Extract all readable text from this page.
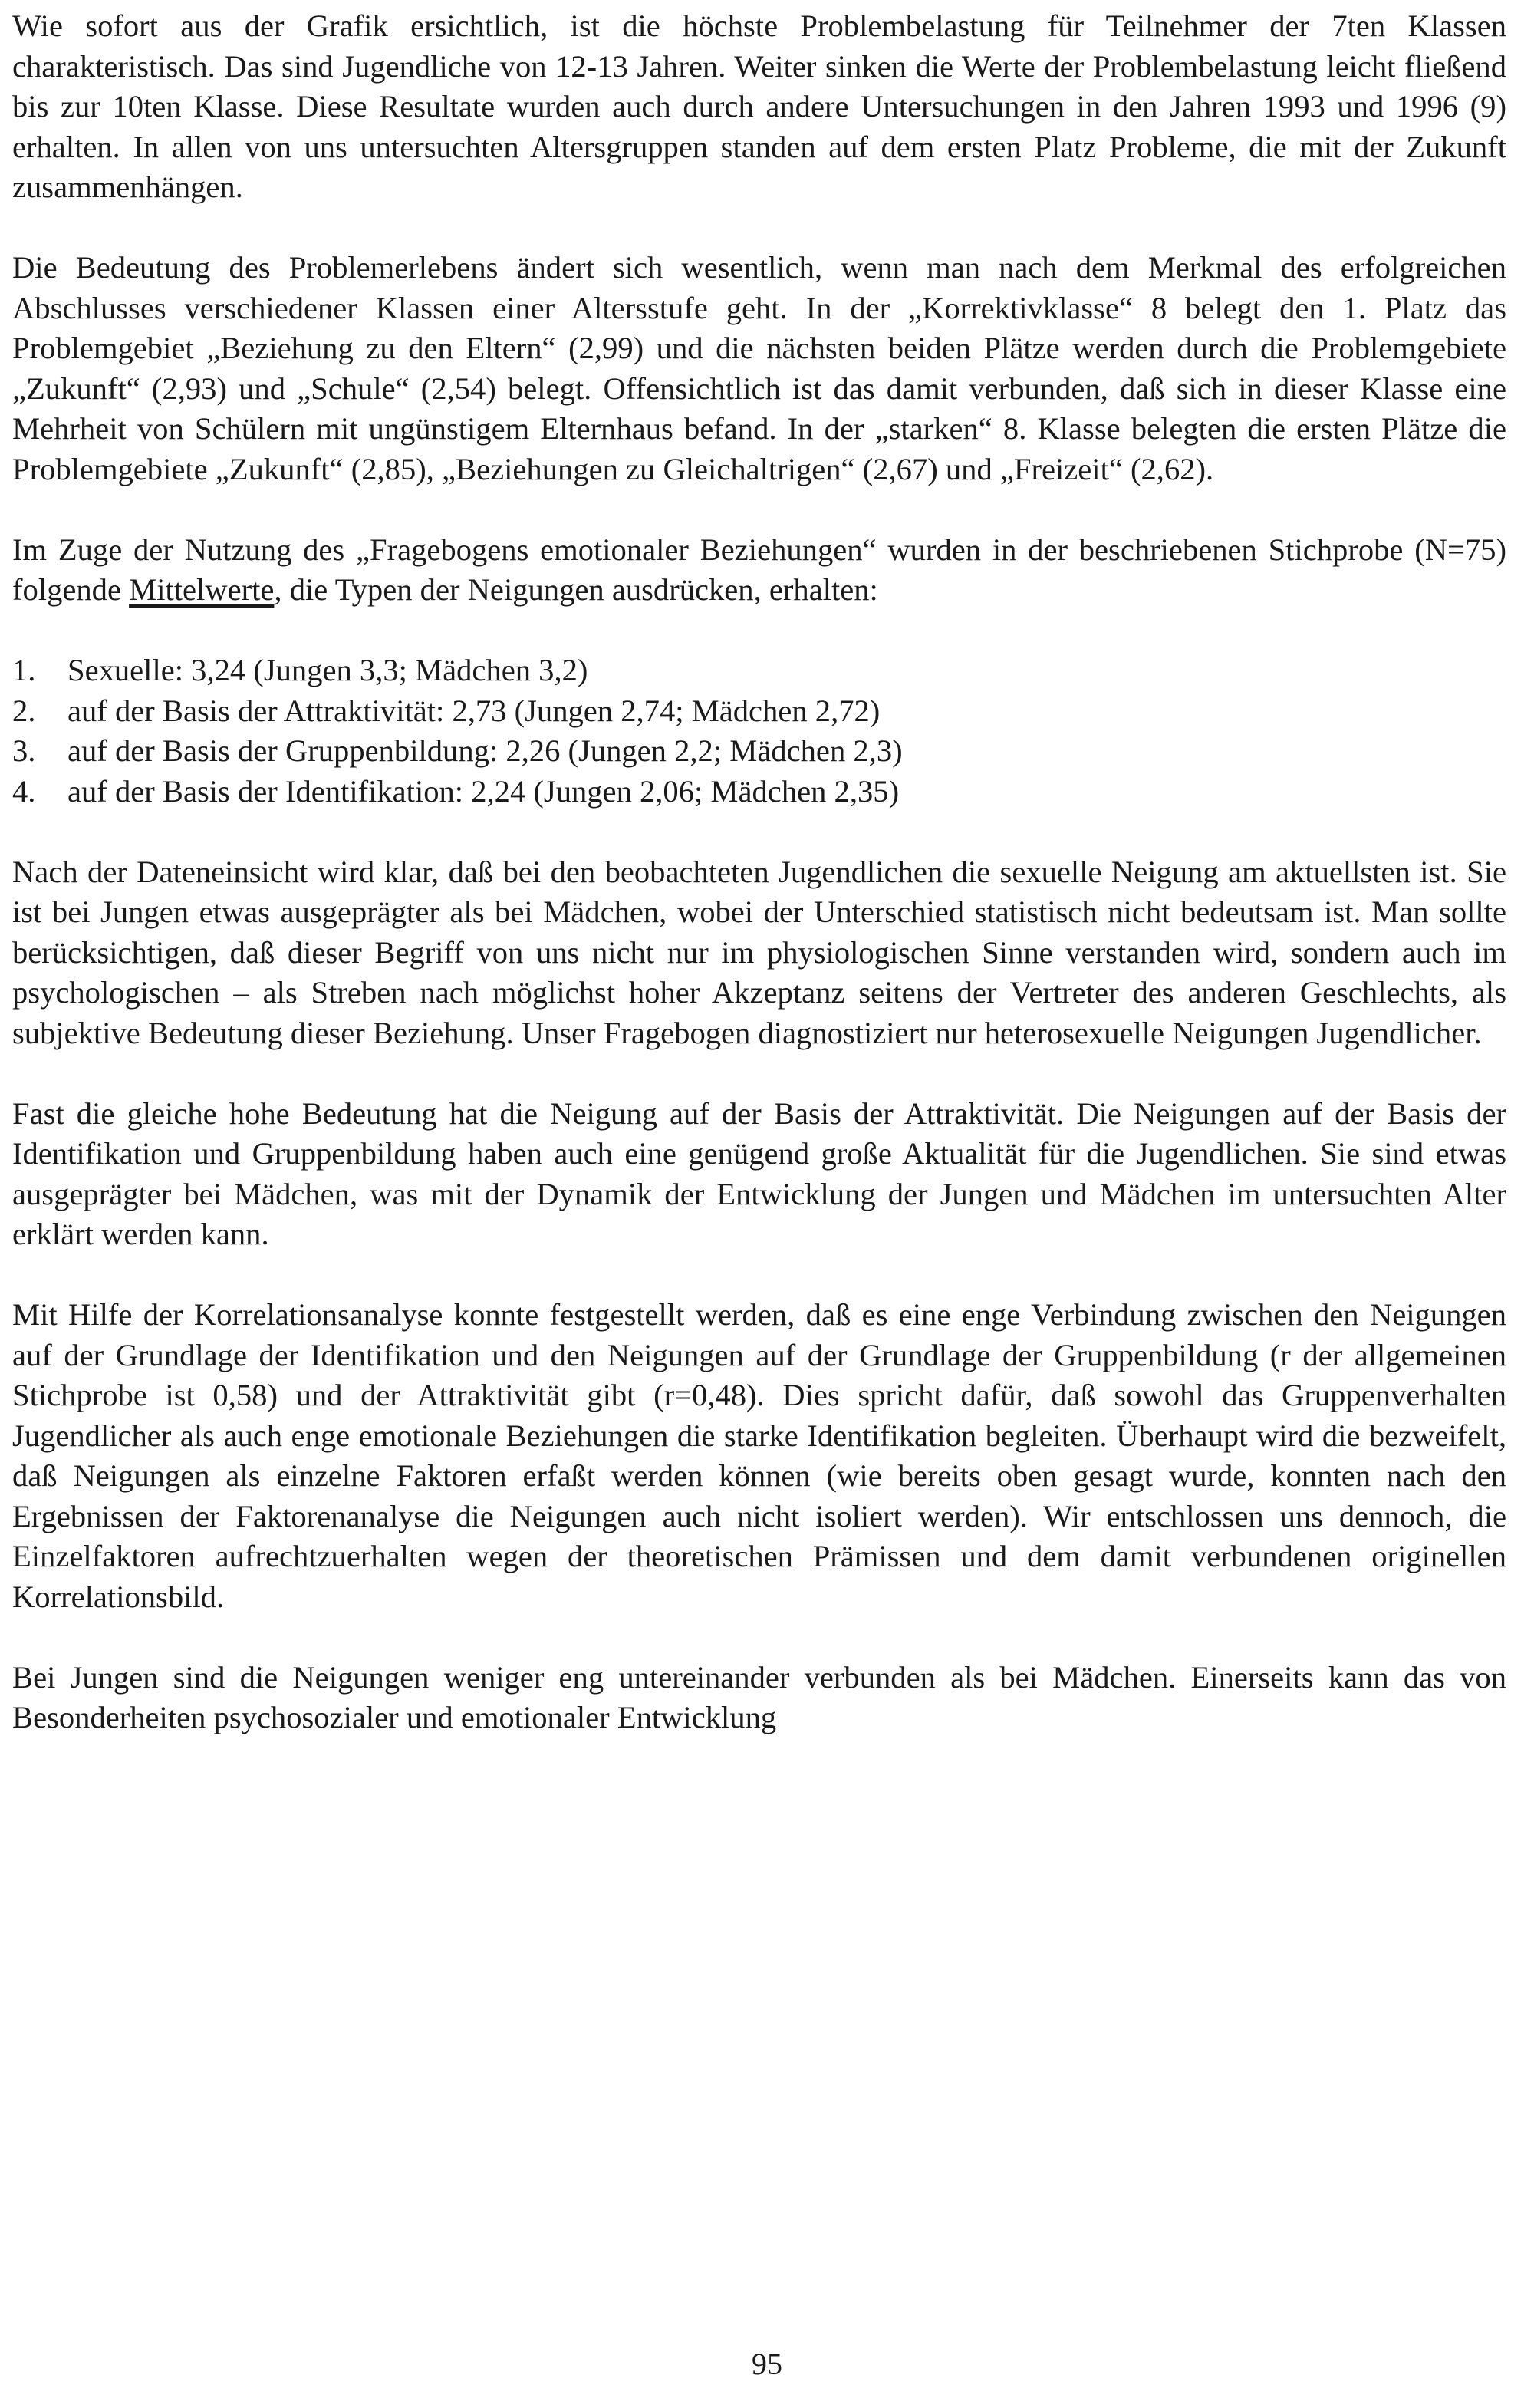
Wie sofort aus der Grafik ersichtlich, ist die höchste Problembelastung für Teilnehmer der 7ten Klassen charakteristisch. Das sind Jugendliche von 12-13 Jahren. Weiter sinken die Werte der Problembelastung leicht fließend bis zur 10ten Klasse. Diese Resultate wurden auch durch andere Untersuchungen in den Jahren 1993 und 1996 (9) erhalten. In allen von uns untersuchten Altersgruppen standen auf dem ersten Platz Probleme, die mit der Zukunft zusammenhängen.

Die Bedeutung des Problemerlebens ändert sich wesentlich, wenn man nach dem Merkmal des erfolgreichen Abschlusses verschiedener Klassen einer Altersstufe geht. In der „Korrektivklasse“ 8 belegt den 1. Platz das Problemgebiet „Beziehung zu den Eltern“ (2,99) und die nächsten beiden Plätze werden durch die Problemgebiete „Zukunft“ (2,93) und „Schule“ (2,54) belegt. Offensichtlich ist das damit verbunden, daß sich in dieser Klasse eine Mehrheit von Schülern mit ungünstigem Elternhaus befand. In der „starken“ 8. Klasse belegten die ersten Plätze die Problemgebiete „Zukunft“ (2,85), „Beziehungen zu Gleichaltrigen“ (2,67) und „Freizeit“ (2,62).

Im Zuge der Nutzung des „Fragebogens emotionaler Beziehungen“ wurden in der beschriebenen Stichprobe (N=75) folgende Mittelwerte, die Typen der Neigungen ausdrücken, erhalten:

1. Sexuelle: 3,24 (Jungen 3,3; Mädchen 3,2)
2. auf der Basis der Attraktivität: 2,73 (Jungen 2,74; Mädchen 2,72)
3. auf der Basis der Gruppenbildung: 2,26 (Jungen 2,2; Mädchen 2,3)
4. auf der Basis der Identifikation: 2,24 (Jungen 2,06; Mädchen 2,35)

Nach der Dateneinsicht wird klar, daß bei den beobachteten Jugendlichen die sexuelle Neigung am aktuellsten ist. Sie ist bei Jungen etwas ausgeprägter als bei Mädchen, wobei der Unterschied statistisch nicht bedeutsam ist. Man sollte berücksichtigen, daß dieser Begriff von uns nicht nur im physiologischen Sinne verstanden wird, sondern auch im psychologischen – als Streben nach möglichst hoher Akzeptanz seitens der Vertreter des anderen Geschlechts, als subjektive Bedeutung dieser Beziehung. Unser Fragebogen diagnostiziert nur heterosexuelle Neigungen Jugendlicher.

Fast die gleiche hohe Bedeutung hat die Neigung auf der Basis der Attraktivität. Die Neigungen auf der Basis der Identifikation und Gruppenbildung haben auch eine genügend große Aktualität für die Jugendlichen. Sie sind etwas ausgeprägter bei Mädchen, was mit der Dynamik der Entwicklung der Jungen und Mädchen im untersuchten Alter erklärt werden kann.

Mit Hilfe der Korrelationsanalyse konnte festgestellt werden, daß es eine enge Verbindung zwischen den Neigungen auf der Grundlage der Identifikation und den Neigungen auf der Grundlage der Gruppenbildung (r der allgemeinen Stichprobe ist 0,58) und der Attraktivität gibt (r=0,48). Dies spricht dafür, daß sowohl das Gruppenverhalten Jugendlicher als auch enge emotionale Beziehungen die starke Identifikation begleiten. Überhaupt wird die bezweifelt, daß Neigungen als einzelne Faktoren erfaßt werden können (wie bereits oben gesagt wurde, konnten nach den Ergebnissen der Faktorenanalyse die Neigungen auch nicht isoliert werden). Wir entschlossen uns dennoch, die Einzelfaktoren aufrechtzuerhalten wegen der theoretischen Prämissen und dem damit verbundenen originellen Korrelationsbild.

Bei Jungen sind die Neigungen weniger eng untereinander verbunden als bei Mädchen. Einerseits kann das von Besonderheiten psychosozialer und emotionaler Entwicklung

95
